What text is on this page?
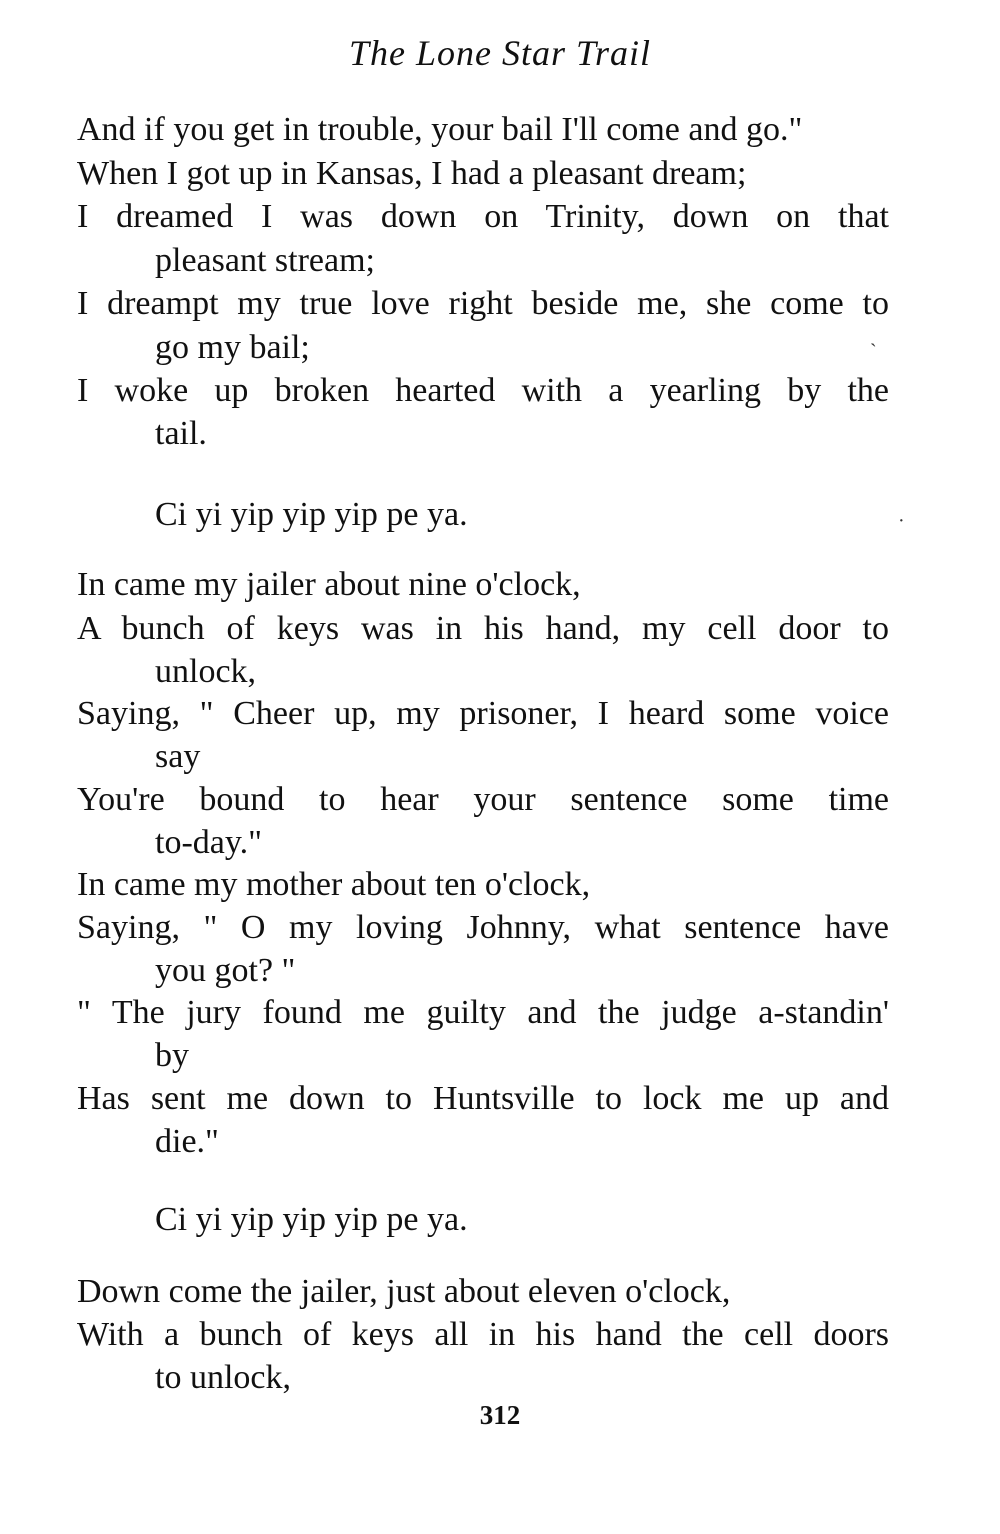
The Lone Star Trail
And if you get in trouble, your bail I'll come and go."
When I got up in Kansas, I had a pleasant dream;
I dreamed I was down on Trinity, down on that
pleasant stream;
I dreampt my true love right beside me, she come to
go my bail;
I woke up broken hearted with a yearling by the
tail.
Ci yi yip yip yip pe ya.
In came my jailer about nine o'clock,
A bunch of keys was in his hand, my cell door to
unlock,
Saying, " Cheer up, my prisoner, I heard some voice
say
You're bound to hear your sentence some time
to-day."
In came my mother about ten o'clock,
Saying, " O my loving Johnny, what sentence have
you got? "
" The jury found me guilty and the judge a-standin'
by
Has sent me down to Huntsville to lock me up and
die."
Ci yi yip yip yip pe ya.
Down come the jailer, just about eleven o'clock,
With a bunch of keys all in his hand the cell doors
to unlock,
312
ˏ
·
